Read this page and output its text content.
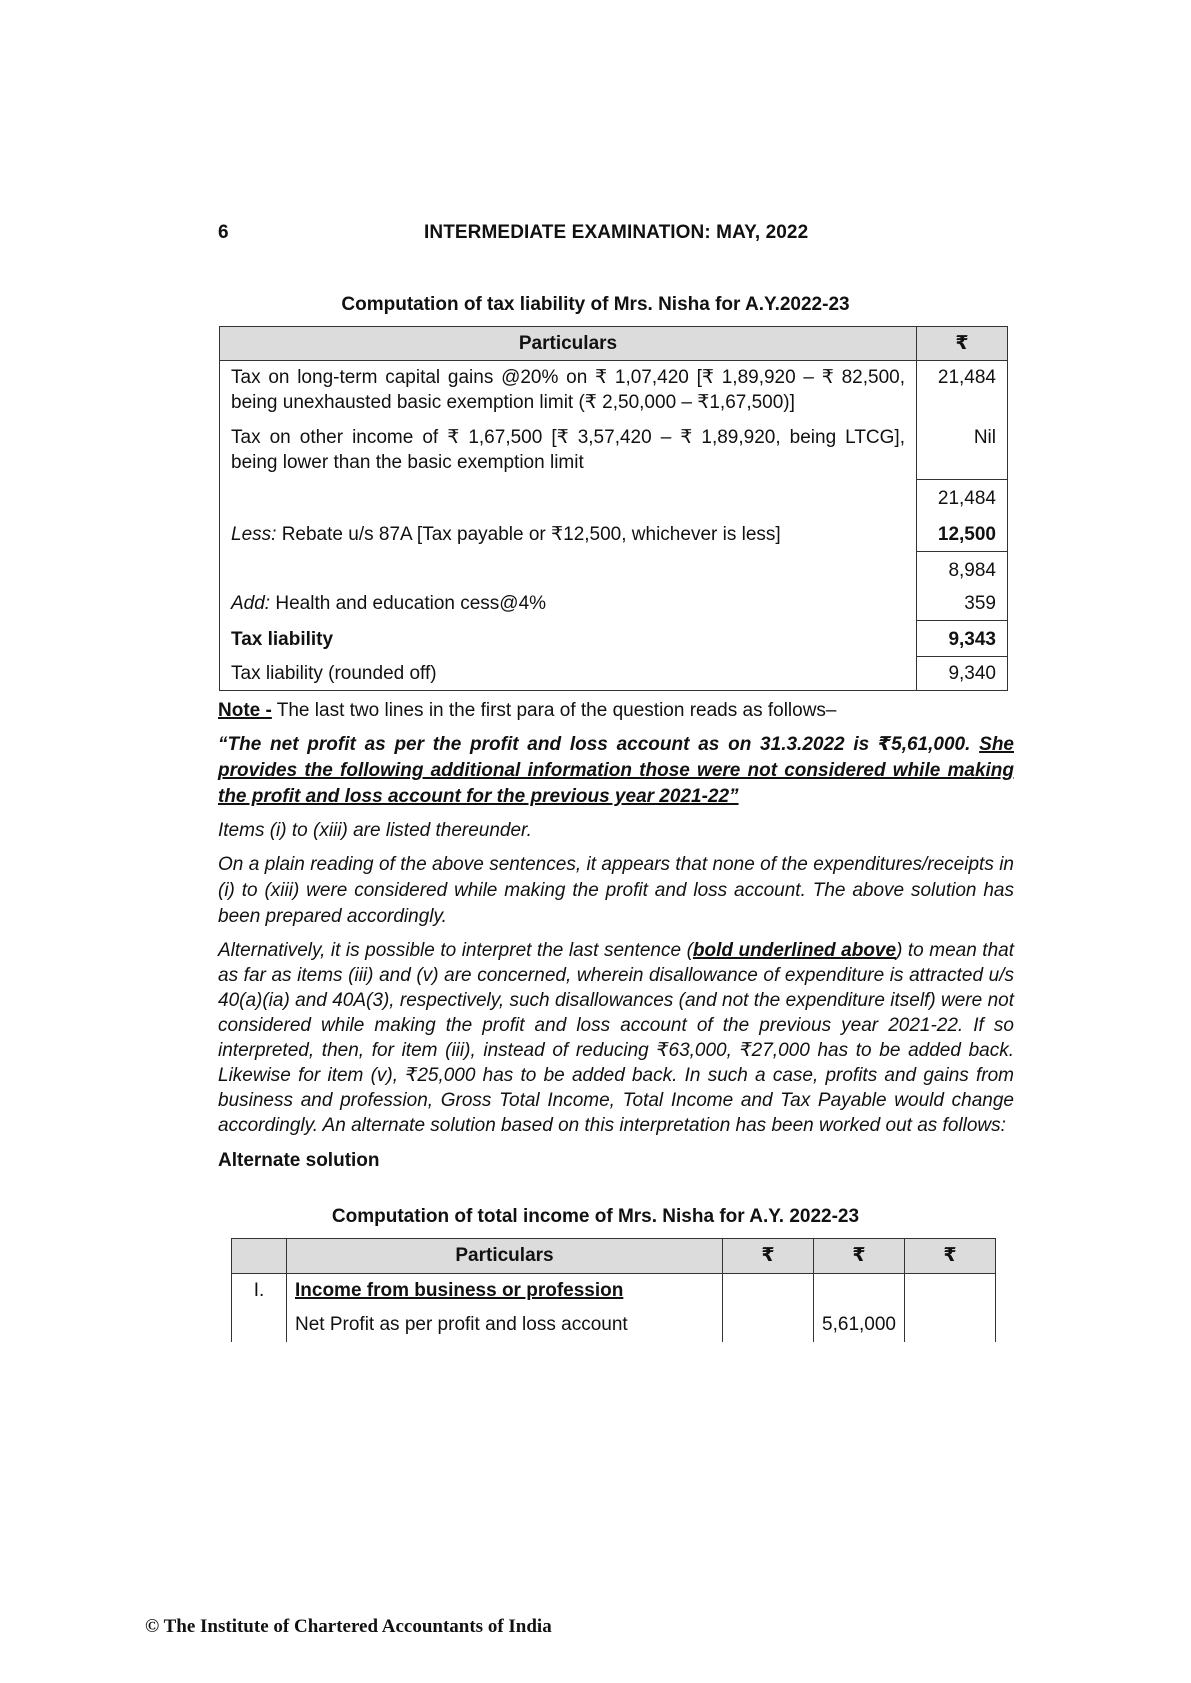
6	INTERMEDIATE EXAMINATION: MAY, 2022
Computation of tax liability of Mrs. Nisha for A.Y.2022-23
Particulars	₹
Tax on long-term capital gains @20% on ₹ 1,07,420 [₹ 1,89,920 – ₹ 82,500, being unexhausted basic exemption limit (₹ 2,50,000 – ₹1,67,500)]	21,484
Tax on other income of ₹ 1,67,500 [₹ 3,57,420 – ₹ 1,89,920, being LTCG], being lower than the basic exemption limit	Nil
	21,484
Less: Rebate u/s 87A [Tax payable or ₹12,500, whichever is less]	12,500
	8,984
Add: Health and education cess@4%	359
Tax liability	9,343
Tax liability (rounded off)	9,340

Note - The last two lines in the first para of the question reads as follows–

“The net profit as per the profit and loss account as on 31.3.2022 is ₹5,61,000. She provides the following additional information those were not considered while making the profit and loss account for the previous year 2021-22”

Items (i) to (xiii) are listed thereunder.

On a plain reading of the above sentences, it appears that none of the expenditures/receipts in (i) to (xiii) were considered while making the profit and loss account. The above solution has been prepared accordingly.

Alternatively, it is possible to interpret the last sentence (bold underlined above) to mean that as far as items (iii) and (v) are concerned, wherein disallowance of expenditure is attracted u/s 40(a)(ia) and 40A(3), respectively, such disallowances (and not the expenditure itself) were not considered while making the profit and loss account of the previous year 2021-22. If so interpreted, then, for item (iii), instead of reducing ₹63,000, ₹27,000 has to be added back. Likewise for item (v), ₹25,000 has to be added back. In such a case, profits and gains from business and profession, Gross Total Income, Total Income and Tax Payable would change accordingly. An alternate solution based on this interpretation has been worked out as follows:

Alternate solution

Computation of total income of Mrs. Nisha for A.Y. 2022-23
	Particulars	₹	₹	₹
I.	Income from business or profession			
	Net Profit as per profit and loss account		5,61,000	
© The Institute of Chartered Accountants of India
